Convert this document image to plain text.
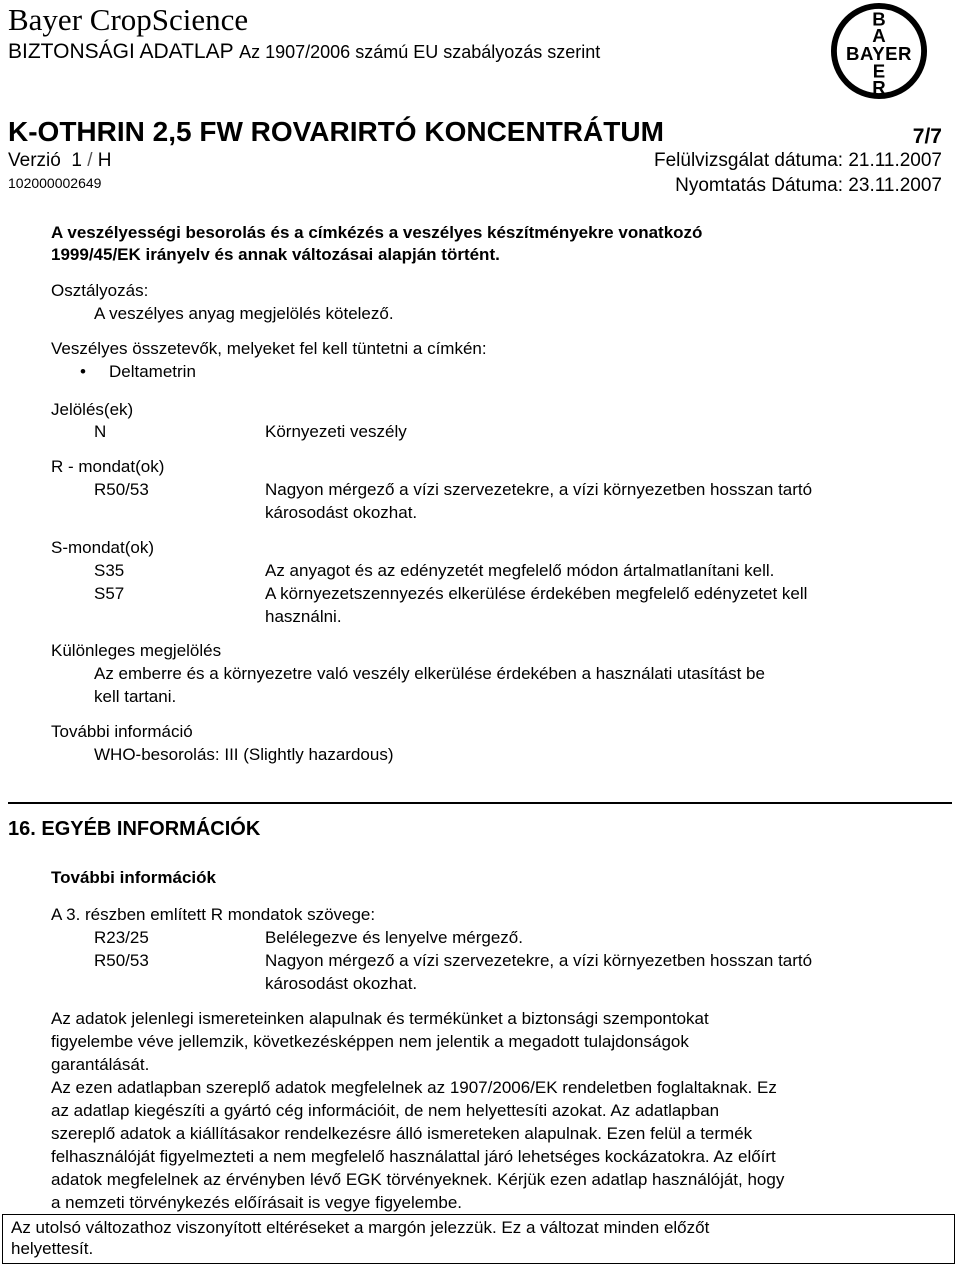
Bayer CropScience
BIZTONSÁGI ADATLAP Az 1907/2006 számú EU szabályozás szerint
B
A
BAYER
E
R
K-OTHRIN 2,5 FW ROVARIRTÓ KONCENTRÁTUM	7/7
Verzió 1 / H	Felülvizsgálat dátuma: 21.11.2007
102000002649	Nyomtatás Dátuma: 23.11.2007
A veszélyességi besorolás és a címkézés a veszélyes készítményekre vonatkozó
1999/45/EK irányelv és annak változásai alapján történt.
Osztályozás:
A veszélyes anyag megjelölés kötelező.
Veszélyes összetevők, melyeket fel kell tüntetni a címkén:
• Deltametrin
Jelölés(ek)
N	Környezeti veszély
R - mondat(ok)
R50/53	Nagyon mérgező a vízi szervezetekre, a vízi környezetben hosszan tartó
károsodást okozhat.
S-mondat(ok)
S35	Az anyagot és az edényzetét megfelelő módon ártalmatlanítani kell.
S57	A környezetszennyezés elkerülése érdekében megfelelő edényzetet kell
használni.
Különleges megjelölés
Az emberre és a környezetre való veszély elkerülése érdekében a használati utasítást be
kell tartani.
További információ
WHO-besorolás: III (Slightly hazardous)
16. EGYÉB INFORMÁCIÓK
További információk
A 3. részben említett R mondatok szövege:
R23/25	Belélegezve és lenyelve mérgező.
R50/53	Nagyon mérgező a vízi szervezetekre, a vízi környezetben hosszan tartó
károsodást okozhat.
Az adatok jelenlegi ismereteinken alapulnak és termékünket a biztonsági szempontokat
figyelembe véve jellemzik, következésképpen nem jelentik a megadott tulajdonságok
garantálását.
Az ezen adatlapban szereplő adatok megfelelnek az 1907/2006/EK rendeletben foglaltaknak. Ez
az adatlap kiegészíti a gyártó cég információit, de nem helyettesíti azokat. Az adatlapban
szereplő adatok a kiállításakor rendelkezésre álló ismereteken alapulnak. Ezen felül a termék
felhasználóját figyelmezteti a nem megfelelő használattal járó lehetséges kockázatokra. Az előírt
adatok megfelelnek az érvényben lévő EGK törvényeknek. Kérjük ezen adatlap használóját, hogy
a nemzeti törvénykezés előírásait is vegye figyelembe.
Az utolsó változathoz viszonyított eltéréseket a margón jelezzük. Ez a változat minden előzőt
helyettesít.
